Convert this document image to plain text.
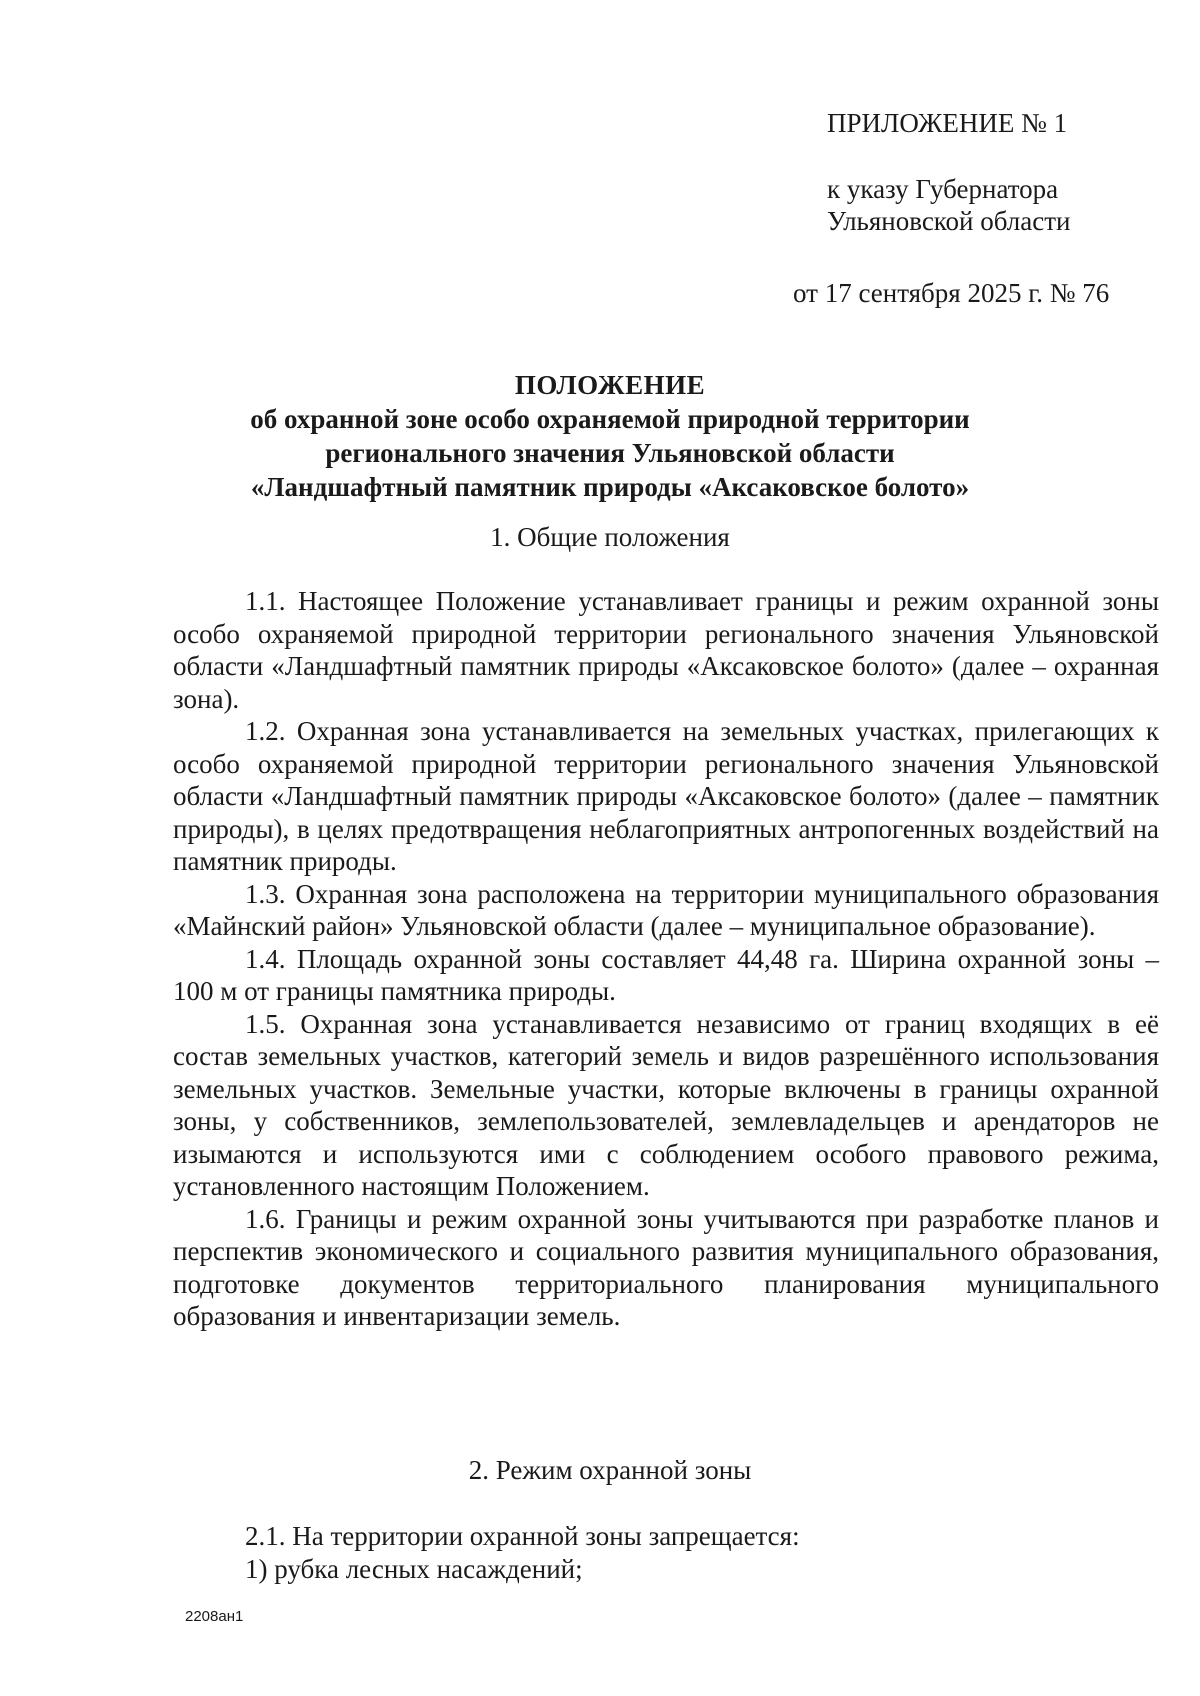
ПРИЛОЖЕНИЕ № 1
к указу Губернатора
Ульяновской области
от 17 сентября 2025 г. № 76
ПОЛОЖЕНИЕ
об охранной зоне особо охраняемой природной территории
регионального значения Ульяновской области
«Ландшафтный памятник природы «Аксаковское болото»
1. Общие положения

1.1. Настоящее Положение устанавливает границы и режим охранной зоны особо охраняемой природной территории регионального значения Ульяновской области «Ландшафтный памятник природы «Аксаковское болото» (далее – охранная зона).

1.2. Охранная зона устанавливается на земельных участках, прилегающих к особо охраняемой природной территории регионального значения Ульяновской области «Ландшафтный памятник природы «Аксаковское болото» (далее – памятник природы), в целях предотвращения неблагоприятных антропогенных воздействий на памятник природы.

1.3. Охранная зона расположена на территории муниципального образования «Майнский район» Ульяновской области (далее – муниципальное образование).

1.4. Площадь охранной зоны составляет 44,48 га. Ширина охранной зоны – 100 м от границы памятника природы.

1.5. Охранная зона устанавливается независимо от границ входящих в её состав земельных участков, категорий земель и видов разрешённого использования земельных участков. Земельные участки, которые включены в границы охранной зоны, у собственников, землепользователей, землевладельцев и арендаторов не изымаются и используются ими с соблюдением особого правового режима, установленного настоящим Положением.

1.6. Границы и режим охранной зоны учитываются при разработке планов и перспектив экономического и социального развития муниципального образования, подготовке документов территориального планирования муниципального образования и инвентаризации земель.

2. Режим охранной зоны

2.1. На территории охранной зоны запрещается:

1) рубка лесных насаждений;

2208ан1
